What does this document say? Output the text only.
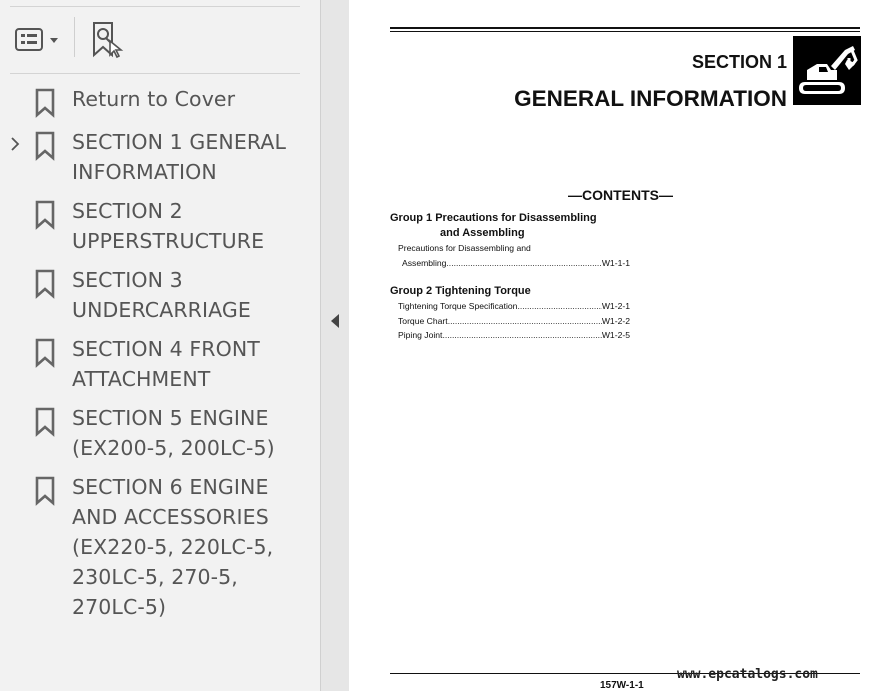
Return to Cover
SECTION 1 GENERAL INFORMATION
SECTION 2 UPPERSTRUCTURE
SECTION 3 UNDERCARRIAGE
SECTION 4 FRONT ATTACHMENT
SECTION 5 ENGINE (EX200-5, 200LC-5)
SECTION 6 ENGINE AND ACCESSORIES (EX220-5, 220LC-5, 230LC-5, 270-5, 270LC-5)
SECTION 1
GENERAL INFORMATION
—CONTENTS—
Group 1 Precautions for Disassembling
and Assembling
Precautions for Disassembling and
Assembling .....	W1-1-1
Group 2 Tightening Torque
Tightening Torque Specification .....	W1-2-1
Torque Chart .....	W1-2-2
Piping Joint .....	W1-2-5
157W-1-1
www.epcatalogs.com
